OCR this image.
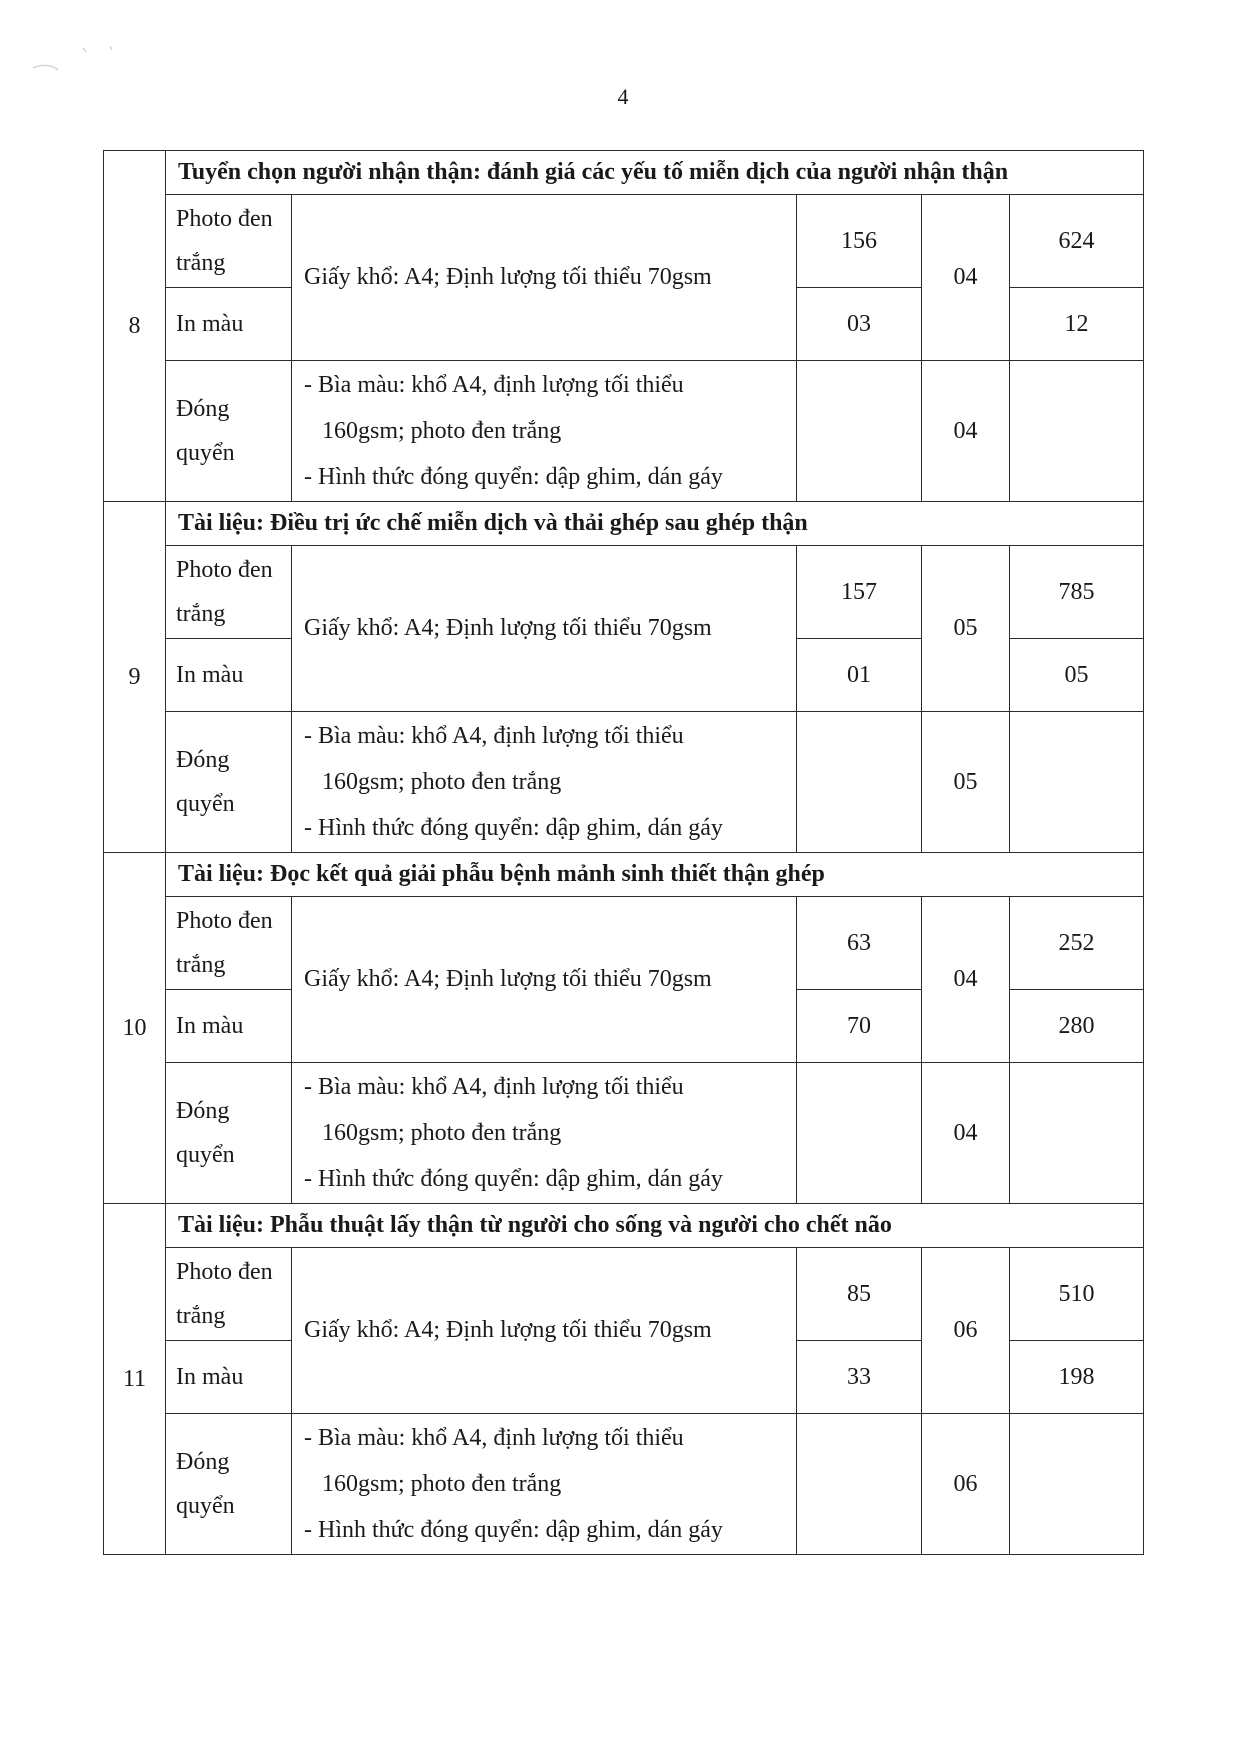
4
8	Tuyển chọn người nhận thận: đánh giá các yếu tố miễn dịch của người nhận thận				
	Photo đen trắng	Giấy khổ: A4; Định lượng tối thiểu 70gsm	156	04	624
	In màu		03		12
	Đóng quyển	- Bìa màu: khổ A4, định lượng tối thiểu
160gsm; photo đen trắng
- Hình thức đóng quyển: dập ghim, dán gáy		04	
9	Tài liệu: Điều trị ức chế miễn dịch và thải ghép sau ghép thận				
	Photo đen trắng	Giấy khổ: A4; Định lượng tối thiểu 70gsm	157	05	785
	In màu		01		05
	Đóng quyển	- Bìa màu: khổ A4, định lượng tối thiểu
160gsm; photo đen trắng
- Hình thức đóng quyển: dập ghim, dán gáy		05	
10	Tài liệu: Đọc kết quả giải phẫu bệnh mảnh sinh thiết thận ghép				
	Photo đen trắng	Giấy khổ: A4; Định lượng tối thiểu 70gsm	63	04	252
	In màu		70		280
	Đóng quyển	- Bìa màu: khổ A4, định lượng tối thiểu
160gsm; photo đen trắng
- Hình thức đóng quyển: dập ghim, dán gáy		04	
11	Tài liệu: Phẫu thuật lấy thận từ người cho sống và người cho chết não				
	Photo đen trắng	Giấy khổ: A4; Định lượng tối thiểu 70gsm	85	06	510
	In màu		33		198
	Đóng quyển	- Bìa màu: khổ A4, định lượng tối thiểu
160gsm; photo đen trắng
- Hình thức đóng quyển: dập ghim, dán gáy		06	
